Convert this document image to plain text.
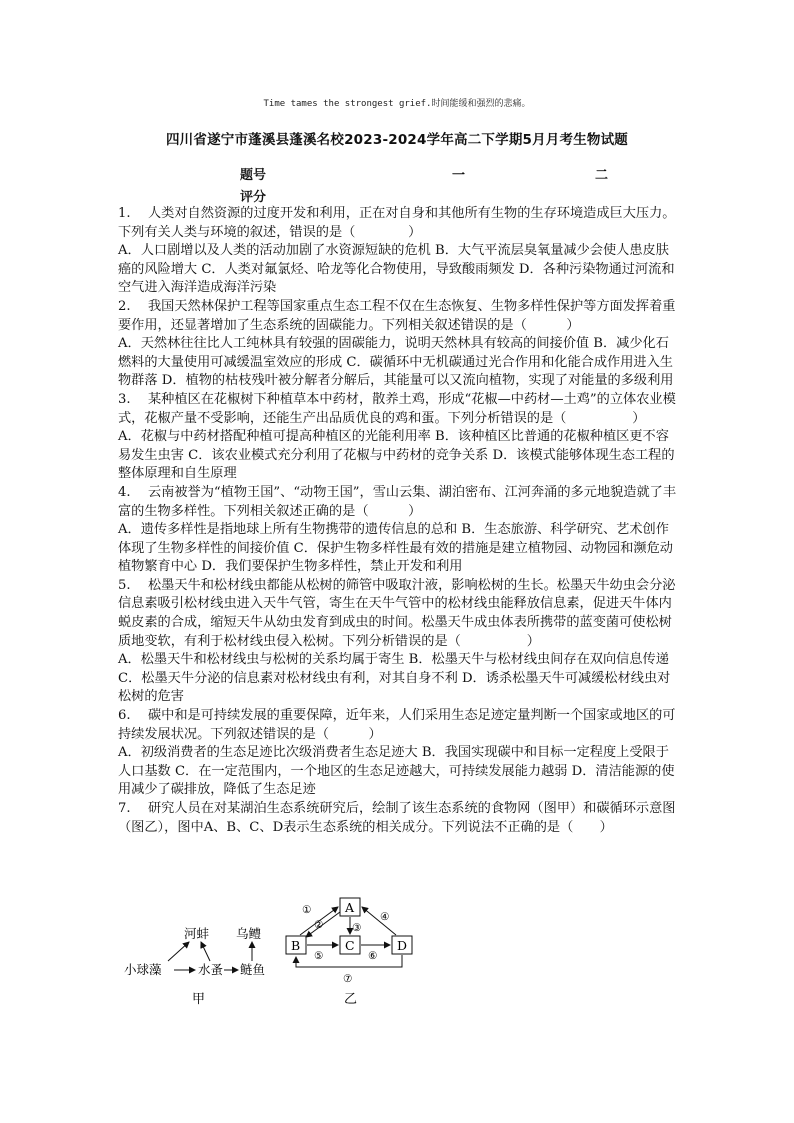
Time tames the strongest grief.时间能缓和强烈的悲痛。
四川省遂宁市蓬溪县蓬溪名校2023-2024学年高二下学期5月月考生物试题
题号	一	二
评分
1.　 人类对自然资源的过度开发和利用，正在对自身和其他所有生物的生存环境造成巨大压力。下列有关人类与环境的叙述，错误的是（　　　　）
A．人口剧增以及人类的活动加剧了水资源短缺的危机 B．大气平流层臭氧量减少会使人患皮肤癌的风险增大 C．人类对氟氯烃、哈龙等化合物使用，导致酸雨频发 D．各种污染物通过河流和空气进入海洋造成海洋污染
2.　 我国天然林保护工程等国家重点生态工程不仅在生态恢复、生物多样性保护等方面发挥着重要作用，还显著增加了生态系统的固碳能力。下列相关叙述错误的是（　　　）
A．天然林往往比人工纯林具有较强的固碳能力，说明天然林具有较高的间接价值 B．减少化石燃料的大量使用可减缓温室效应的形成 C．碳循环中无机碳通过光合作用和化能合成作用进入生物群落 D．植物的枯枝残叶被分解者分解后，其能量可以又流向植物，实现了对能量的多级利用
3.　 某种植区在花椒树下种植草本中药材，散养土鸡，形成“花椒—中药材—土鸡”的立体农业模式，花椒产量不受影响，还能生产出品质优良的鸡和蛋。下列分析错误的是（　　　　　）
A．花椒与中药材搭配种植可提高种植区的光能利用率 B．该种植区比普通的花椒种植区更不容易发生虫害 C．该农业模式充分利用了花椒与中药材的竞争关系 D．该模式能够体现生态工程的整体原理和自生原理
4.　 云南被誉为“植物王国”、“动物王国”，雪山云集、湖泊密布、江河奔涌的多元地貌造就了丰富的生物多样性。下列相关叙述正确的是（　　　）
A．遗传多样性是指地球上所有生物携带的遗传信息的总和 B．生态旅游、科学研究、艺术创作体现了生物多样性的间接价值 C．保护生物多样性最有效的措施是建立植物园、动物园和濒危动植物繁育中心 D．我们要保护生物多样性，禁止开发和利用
5.　 松墨天牛和松材线虫都能从松树的筛管中吸取汁液，影响松树的生长。松墨天牛幼虫会分泌信息素吸引松材线虫进入天牛气管，寄生在天牛气管中的松材线虫能释放信息素，促进天牛体内蜕皮素的合成，缩短天牛从幼虫发育到成虫的时间。松墨天牛成虫体表所携带的蓝变菌可使松树质地变软，有利于松材线虫侵入松树。下列分析错误的是（　　　　　）
A．松墨天牛和松材线虫与松树的关系均属于寄生 B．松墨天牛与松材线虫间存在双向信息传递 C．松墨天牛分泌的信息素对松材线虫有利，对其自身不利 D．诱杀松墨天牛可减缓松材线虫对松树的危害
6.　 碳中和是可持续发展的重要保障，近年来，人们采用生态足迹定量判断一个国家或地区的可持续发展状况。下列叙述错误的是（　　　）
A．初级消费者的生态足迹比次级消费者生态足迹大 B．我国实现碳中和目标一定程度上受限于人口基数 C．在一定范围内，一个地区的生态足迹越大，可持续发展能力越弱 D．清洁能源的使用减少了碳排放，降低了生态足迹
7.　 研究人员在对某湖泊生态系统研究后，绘制了该生态系统的食物网（图甲）和碳循环示意图（图乙），图中A、B、C、D表示生态系统的相关成分。下列说法不正确的是（　　）
小球藻	水蚤 鲢鱼
河蚌 乌鳢
甲
A
B	C	D
①
②	③
④
⑤	⑥
⑦
乙
